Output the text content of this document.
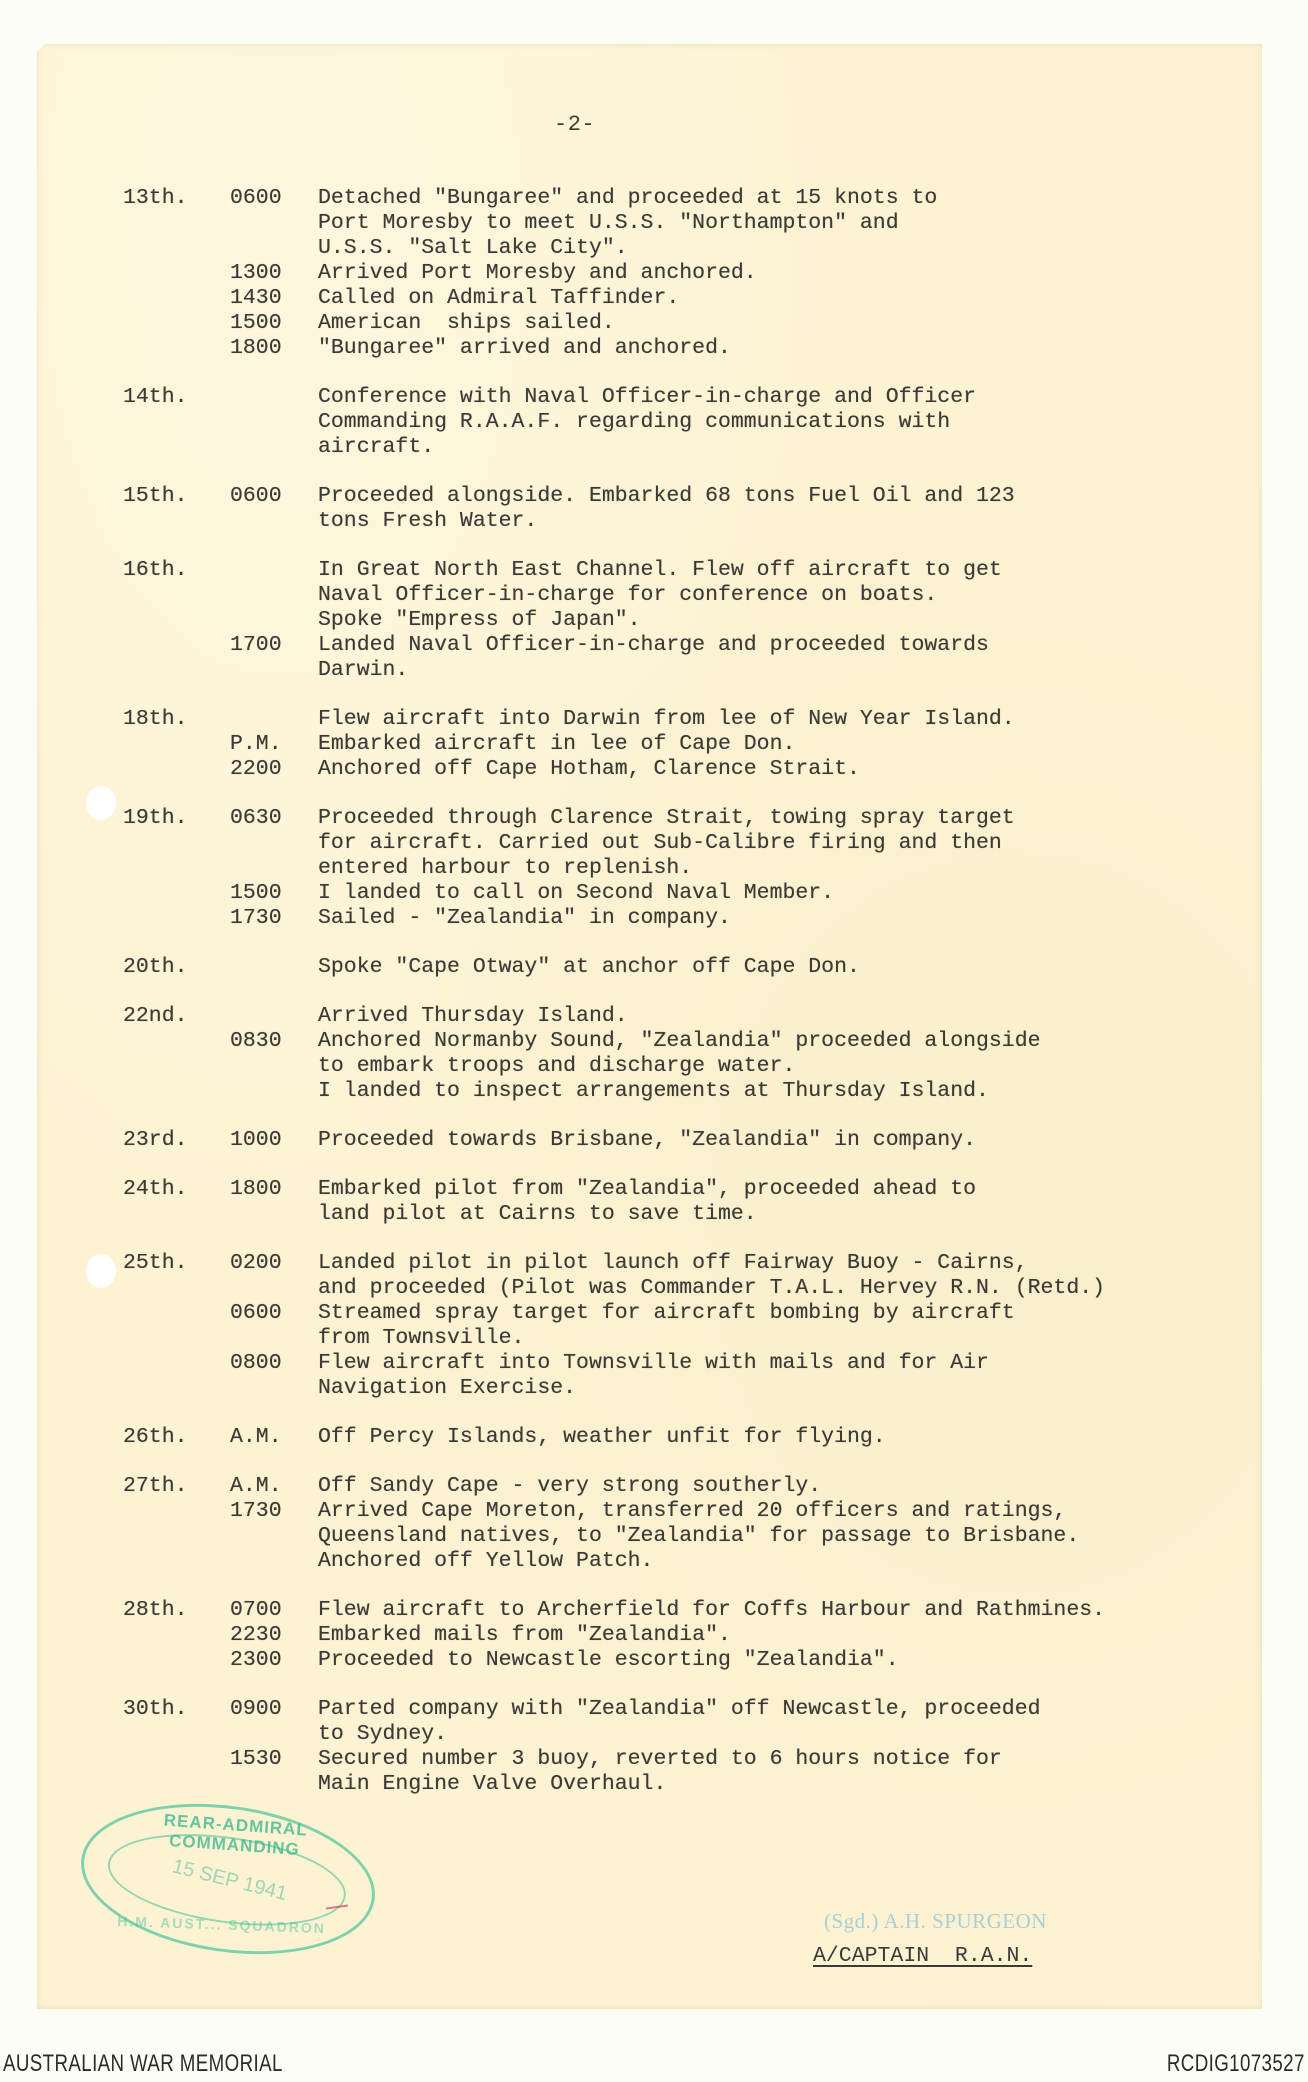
-2-
13th. 0600 Detached "Bungaree" and proceeded at 15 knots to
Port Moresby to meet U.S.S. "Northampton" and
U.S.S. "Salt Lake City".
1300 Arrived Port Moresby and anchored.
1430 Called on Admiral Taffinder.
1500 American  ships sailed.
1800 "Bungaree" arrived and anchored.
14th.	Conference with Naval Officer-in-charge and Officer
Commanding R.A.A.F. regarding communications with
aircraft.
15th. 0600 Proceeded alongside. Embarked 68 tons Fuel Oil and 123
tons Fresh Water.
16th.	In Great North East Channel. Flew off aircraft to get
Naval Officer-in-charge for conference on boats.
Spoke "Empress of Japan".
1700 Landed Naval Officer-in-charge and proceeded towards
Darwin.
18th.	Flew aircraft into Darwin from lee of New Year Island.
P.M. Embarked aircraft in lee of Cape Don.
2200 Anchored off Cape Hotham, Clarence Strait.
19th. 0630 Proceeded through Clarence Strait, towing spray target
for aircraft. Carried out Sub-Calibre firing and then
entered harbour to replenish.
1500 I landed to call on Second Naval Member.
1730 Sailed - "Zealandia" in company.
20th.	Spoke "Cape Otway" at anchor off Cape Don.
22nd.	Arrived Thursday Island.
0830 Anchored Normanby Sound, "Zealandia" proceeded alongside
to embark troops and discharge water.
I landed to inspect arrangements at Thursday Island.
23rd. 1000 Proceeded towards Brisbane, "Zealandia" in company.
24th. 1800 Embarked pilot from "Zealandia", proceeded ahead to
land pilot at Cairns to save time.
25th. 0200 Landed pilot in pilot launch off Fairway Buoy - Cairns,
and proceeded (Pilot was Commander T.A.L. Hervey R.N. (Retd.)
0600 Streamed spray target for aircraft bombing by aircraft
from Townsville.
0800 Flew aircraft into Townsville with mails and for Air
Navigation Exercise.
26th. A.M. Off Percy Islands, weather unfit for flying.
27th. A.M. Off Sandy Cape - very strong southerly.
1730 Arrived Cape Moreton, transferred 20 officers and ratings,
Queensland natives, to "Zealandia" for passage to Brisbane.
Anchored off Yellow Patch.
28th. 0700 Flew aircraft to Archerfield for Coffs Harbour and Rathmines.
2230 Embarked mails from "Zealandia".
2300 Proceeded to Newcastle escorting "Zealandia".
30th. 0900 Parted company with "Zealandia" off Newcastle, proceeded
to Sydney.
1530 Secured number 3 buoy, reverted to 6 hours notice for
Main Engine Valve Overhaul.
REAR-ADMIRAL COMMANDING
15 SEP 1941
H.M. AUST... SQUADRON	(Sgd.) A.H. SPURGEON
A/CAPTAIN  R.A.N.
AUSTRALIAN WAR MEMORIAL	RCDIG1073527
